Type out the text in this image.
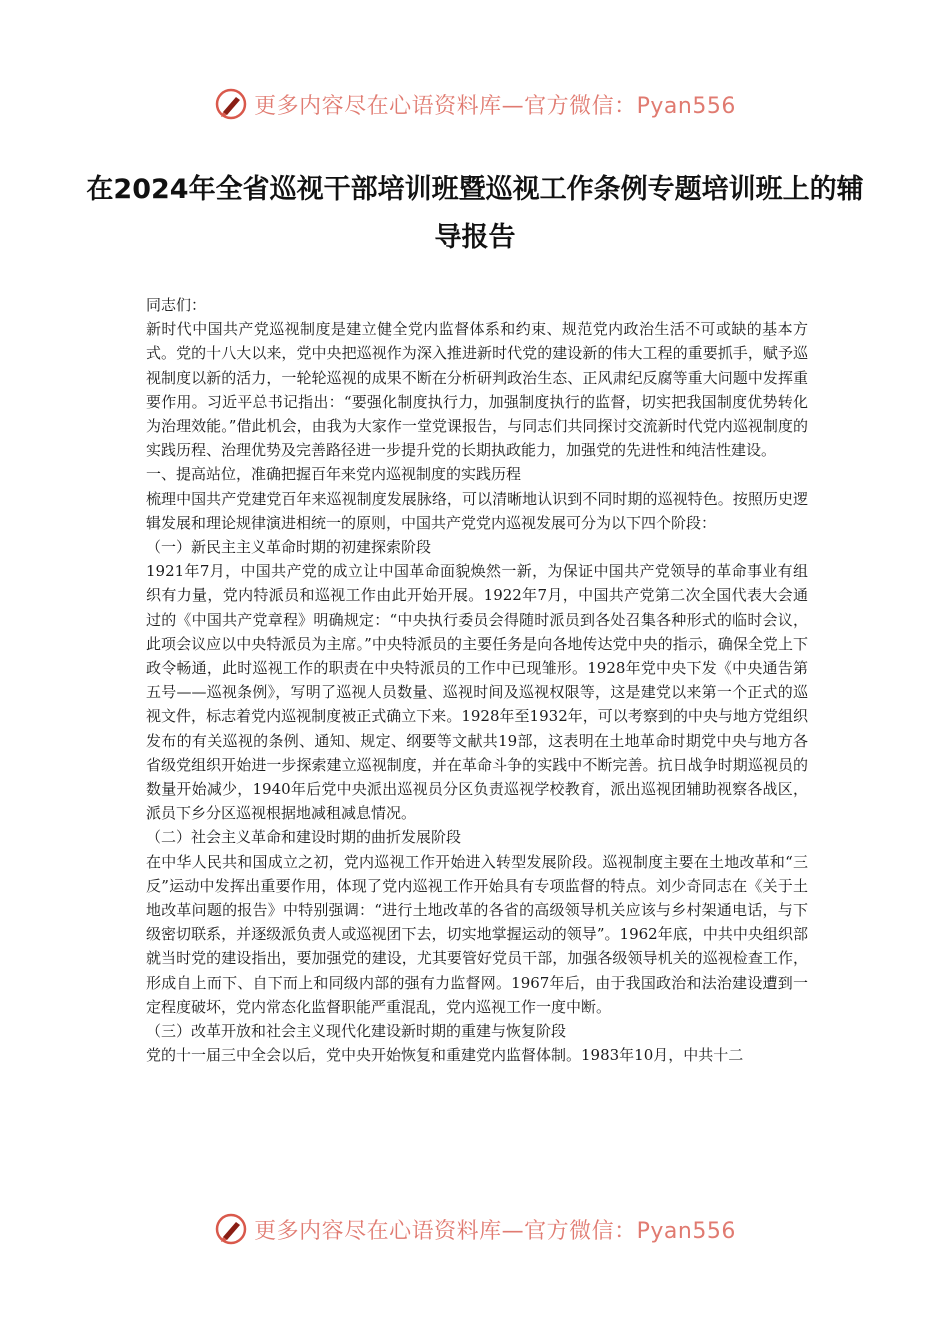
更多内容尽在心语资料库—官方微信：Pyan556
在2024年全省巡视干部培训班暨巡视工作条例专题培训班上的辅导报告

同志们：

新时代中国共产党巡视制度是建立健全党内监督体系和约束、规范党内政治生活不可或缺的基本方式。党的十八大以来，党中央把巡视作为深入推进新时代党的建设新的伟大工程的重要抓手，赋予巡视制度以新的活力，一轮轮巡视的成果不断在分析研判政治生态、正风肃纪反腐等重大问题中发挥重要作用。习近平总书记指出：“要强化制度执行力，加强制度执行的监督，切实把我国制度优势转化为治理效能。”借此机会，由我为大家作一堂党课报告，与同志们共同探讨交流新时代党内巡视制度的实践历程、治理优势及完善路径进一步提升党的长期执政能力，加强党的先进性和纯洁性建设。

一、提高站位，准确把握百年来党内巡视制度的实践历程

梳理中国共产党建党百年来巡视制度发展脉络，可以清晰地认识到不同时期的巡视特色。按照历史逻辑发展和理论规律演进相统一的原则，中国共产党党内巡视发展可分为以下四个阶段：

（一）新民主主义革命时期的初建探索阶段

1921年7月，中国共产党的成立让中国革命面貌焕然一新，为保证中国共产党领导的革命事业有组织有力量，党内特派员和巡视工作由此开始开展。1922年7月，中国共产党第二次全国代表大会通过的《中国共产党章程》明确规定：“中央执行委员会得随时派员到各处召集各种形式的临时会议，此项会议应以中央特派员为主席。”中央特派员的主要任务是向各地传达党中央的指示，确保全党上下政令畅通，此时巡视工作的职责在中央特派员的工作中已现雏形。1928年党中央下发《中央通告第五号——巡视条例》，写明了巡视人员数量、巡视时间及巡视权限等，这是建党以来第一个正式的巡视文件，标志着党内巡视制度被正式确立下来。1928年至1932年，可以考察到的中央与地方党组织发布的有关巡视的条例、通知、规定、纲要等文献共19部，这表明在土地革命时期党中央与地方各省级党组织开始进一步探索建立巡视制度，并在革命斗争的实践中不断完善。抗日战争时期巡视员的数量开始减少，1940年后党中央派出巡视员分区负责巡视学校教育，派出巡视团辅助视察各战区，派员下乡分区巡视根据地减租减息情况。

（二）社会主义革命和建设时期的曲折发展阶段

在中华人民共和国成立之初，党内巡视工作开始进入转型发展阶段。巡视制度主要在土地改革和“三反”运动中发挥出重要作用，体现了党内巡视工作开始具有专项监督的特点。刘少奇同志在《关于土地改革问题的报告》中特别强调：“进行土地改革的各省的高级领导机关应该与乡村架通电话，与下级密切联系，并逐级派负责人或巡视团下去，切实地掌握运动的领导”。1962年底，中共中央组织部就当时党的建设指出，要加强党的建设，尤其要管好党员干部，加强各级领导机关的巡视检查工作，形成自上而下、自下而上和同级内部的强有力监督网。1967年后，由于我国政治和法治建设遭到一定程度破坏，党内常态化监督职能严重混乱，党内巡视工作一度中断。

（三）改革开放和社会主义现代化建设新时期的重建与恢复阶段

党的十一届三中全会以后，党中央开始恢复和重建党内监督体制。1983年10月，中共十二

更多内容尽在心语资料库—官方微信：Pyan556
